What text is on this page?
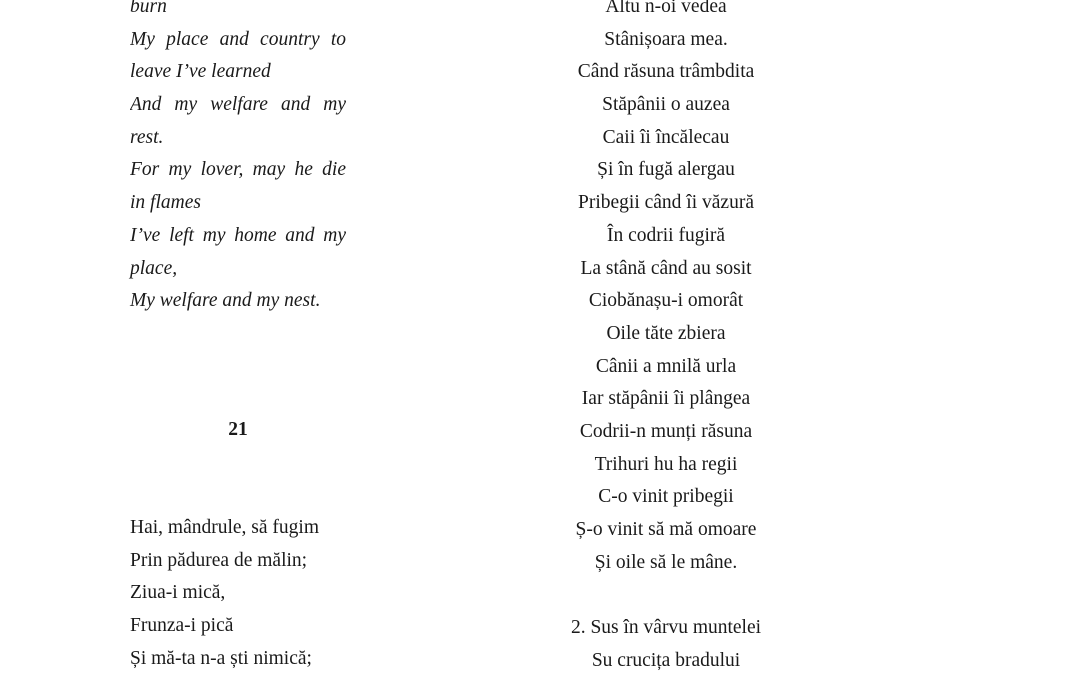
burn
My place and country to
leave I’ve learned
And my welfare and my
rest.
For my lover, may he die
in flames
I’ve left my home and my
place,
My welfare and my nest.
21
Hai, mândrule, să fugim
Prin pădurea de mălin;
Ziua-i mică,
Frunza-i pică
Și mă-ta n-a ști nimică;
Altu n-oi vedea
Stânișoara mea.
Când răsuna trâmbdita
Stăpânii o auzea
Caii îi încălecau
Și în fugă alergau
Pribegii când îi văzură
În codrii fugiră
La stână când au sosit
Ciobănașu-i omorât
Oile tăte zbiera
Cânii a mnilă urla
Iar stăpânii îi plângea
Codrii-n munți răsuna
Trihuri hu ha regii
C-o vinit pribegii
Ș-o vinit să mă omoare
Și oile să le mâne.
2. Sus în vârvu muntelei
Su crucița bradului
